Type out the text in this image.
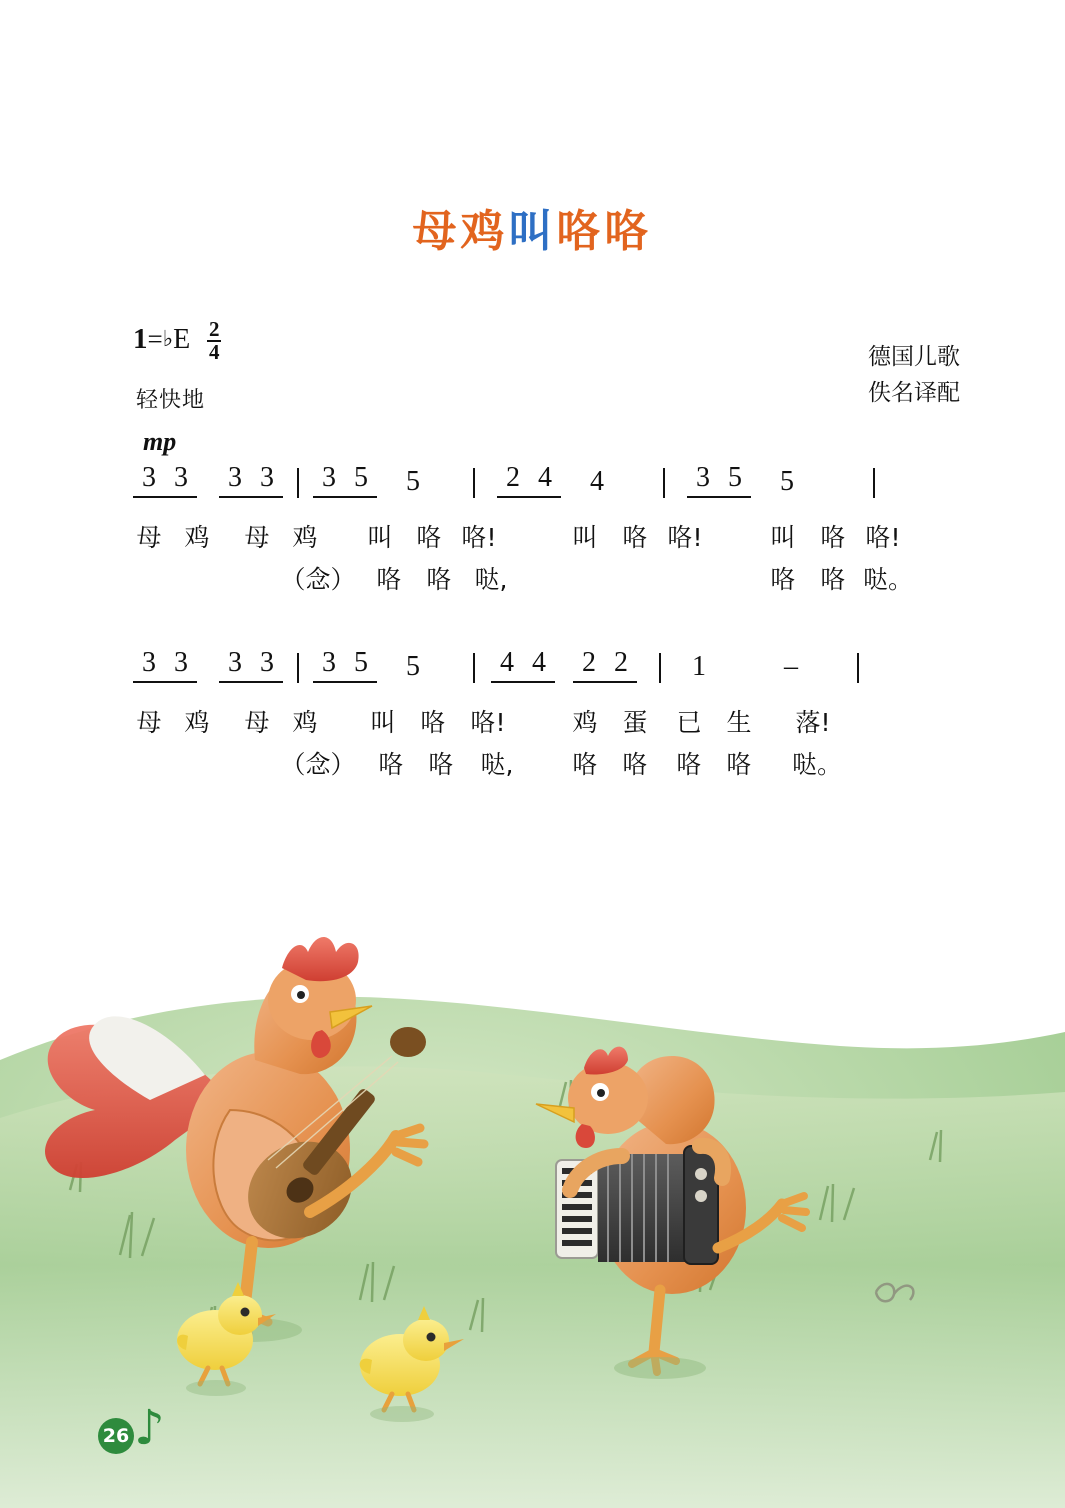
母鸡叫咯咯
1=♭E $\frac{2}{4}$
轻快地
德国儿歌
佚名译配
mp
3 3	3 3	3 5	5	2 4	4	3 5	5
母 鸡 母 鸡 叫 咯 咯!	叫 咯 咯!	叫 咯 咯!
（念） 咯 咯 哒,	咯 咯 哒。
3 3	3 3	3 5	5	4 4	2 2	1	–
母 鸡 母 鸡 叫 咯 咯!	鸡 蛋 已 生 落!
（念） 咯 咯 哒, 咯 咯 咯 咯 哒。
26 ♪
